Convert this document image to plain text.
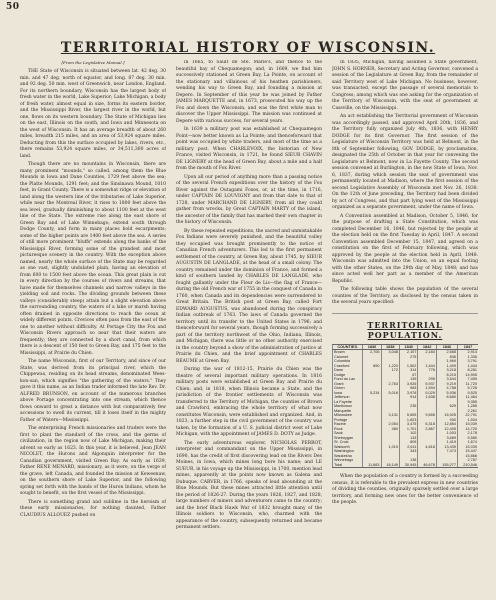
50
TERRITORIAL HISTORY OF WISCONSIN.
[From the Legislative Manual.]

THE State of Wisconsin is situated between lat. 42 deg. 30 min. and 47 deg. north of equator, and long. 87 deg. 30 min. and 92 deg. 50 min. west of Greenwich, near London, England. For its northern boundary, Wisconsin has the largest body of fresh water in the world, Lake Superior; Lake Michigan, a body of fresh water, almost equal in size, forms its eastern border, and the Mississippi River, the largest river in the world, but one, flows on its western boundary. The State of Michigan lies on the east, Illinois on the south, and Iowa and Minnesota on the west of Wisconsin. It has an average breadth of about 260 miles, breadth 215 miles, and an area of 53,924 square miles. Deducting from this the surface occupied by lakes, rivers, etc., there remains 53,924 square miles, or 34,511,360 acres of land.

Though there are no mountains in Wisconsin, there are many prominent "mounds," so called, among them the Blue Mounds in Iowa and Dane Counties, 1729 feet above the sea; the Platte Mounds, 1291 feet; and the Sinsinawa Mound, 1010 feet, in Grant County. There is a somewhat ridge or elevation of land along the western line of the tributaries of Lake Superior, while near the Montreal River, it rises to 1800 feet above the sea level, gradually diminishing to about 1100 feet at the west line of the State. The extreme rise along the east shore of Green Bay and of Lake Winnebago, extend south through Dodge County, and form in many places bold escarpments; some of the higher points are 1400 feet above the sea. A series of still more prominent "bluffs" extends along the banks of the Mississippi River, forming some of the grandest and most picturesque scenery in the country. With the exception above named, nearly the whole surface of the State may be regarded as one vast, slightly undulated plain, having an elevation of from 600 to 1500 feet above the ocean. This great plain is cut in every direction by the courses of rivers and streams, that have made for themselves channels and narrow valleys in the yielding soil and rocks. The dividing grounds between these valleys (considerably steep) attain but a slight elevation above the surrounding country, the waters of a lake or marsh having often drained in opposite directions to reach the ocean at widely different points. Crevices often pass from the east of the one to another without difficulty. At Portage City the Fox and Wisconsin Rivers approach so near that their waters are frequently; they are connected by a short canal, from which there is a descent of 150 feet to Green Bay, and 175 feet to the Mississippi, at Prairie du Chien.

The name Wisconsin, first of our Territory, and since of our State, was derived from its principal river, which the Chippewas, residing on its head streams, denominated Wees-kon-san, which signifies "the gathering of the waters." They gave it this name, as an Indian trader informed the late Rev. Dr. ALFRED BRUNSON, on account of the numerous branches above Portage concentrating into one stream, which thence flows onward to great a distance with but comparatively few accessions to swell its current, till it loses itself in the mighty Father of Waters—Mississippi.

The enterprising French missionaries and traders were the first to plant the standard of the cross, and the germs of civilization, in the region now of Lake Michigan, making their advent so early as 1623. In this year, it is believed, Jean JEAN NICOLET, the Hurons and Algonquin interpreter for the Canadian government, visited Green Bay. As early as 1639, Father RENE MENARD, missionary, as it were, on the verge of the grave, left Canada, and founded the mission at Keweenaw, on the southern shore of Lake Superior, and the following spring set forth with the bands of the Huron Indians, whom he sought to benefit, on the first vessel of the Mississippi.

There is something grand and sublime in the heroism of these early missionaries, for nothing daunted, Father CLAUDIUS ALLOUEZ pushed on

in 1665, to Sault de Ste. Marie's, and thence to the beautiful bay of Chequamegon; and, in 1669, we find him successively stationed at Green Bay, La Pointe, on account of the stationary and villainous of his heathen parishioners, wending his way to Green Bay, and founding a mission at Depere. In September of this year he was joined by Father JAMES MARQUETTE and, in 1673, prosecuted his way up the Fox and down the Wisconsin, and was the first white man to discover the Upper Mississippi. The mission was continued at Depere with various success, for several years.

In 1639 a military post was established at Chequamegon Point—now better known as La Pointe; and thenceforward that point was occupied by white traders, and most of the time as a military post. When CHARLEVOIX, the historian of New France, visited Wisconsin, in 1721, he found SIEUR CHAVIN DE LIGNERY at the head of Green Bay, about a mile and a half from the mouth of Fox River.

Upon all our period of anything more than a passing notice of the several French expeditions over the history of the Fox River against the Outagami Foxes, or, at the time, in 1716, under CAPTAIN DE LOUVIGNY and from that date to that of 1728, under MARCHAND DE LIGNERY, from all they could gather from wrecks, by Great CAPTAIN MARTY of the island, the ancestor of the family that has marked their own chapter in the history of Wisconsin.

By these repeated expeditions, the sacred and unmistakable Fox Indians were severely punished, and the beautiful valley they occupied was brought prominently to the notice of Canadian French adventurers. This led to the first permanent settlement of the country, at Green Bay, about 1745, by SIEUR AUGUSTIN DE LANGLADE, at the head of a small colony. The country remained under the dominion of France, and formed a kind of southern landed by CHARLES DE LANGLADE, who fought gallantly under the Fleur de Lis—the flag of France—during the old French war of 1755 in the conquest of Canada in 1760, when Canada and its dependencies were surrendered to Great Britain. The British post at Green Bay, called Fort EDWARD AUGUSTUS, was abandoned during the conspiracy Indian outbreak of 1763. The laws of Canada governed the territory until its transfer to the United States in 1796; and thenceforward for several years, though forming successively a part of the territory northwest of the Ohio, Indiana, Illinois, and Michigan, there was little or no other authority exercised in the country beyond a show of the administration of justice at Prairie du Chien, and the brief appointment of CHARLES REAUME at Green Bay.

During the war of 1812-15, Prairie du Chien was the theatre of several important military operations. In 1816 military posts were established at Green Bay and Prairie du Chien; and, in 1818, when Illinois became a State, and the jurisdiction of the frontier settlements of Wisconsin was transferred to the Territory of Michigan, the counties of Brown and Crawford, embracing the whole territory of what now constitutes Wisconsin, were established and organized. And, in 1823, a further step in the civil government of the country was taken, by the formation of a U. S. judicial district west of Lake Michigan, with the appointment of JAMES D. DOTY as Judge.

The early adventurous explorer, NICHOLAS PERROT, interpreter and commandant on the Upper Mississippi, in 1690, has the credit of first discovering lead on the Rivers Des Moines, in Iowa, which mines long bore his name; and LE SUEUR, in his voyage up the Mississippi, in 1700, mention lead mines, apparently at the points now known as Galena and Dubuque. CARVER, in 1766, speaks of lead abounding at the Blue Mounds. But these mines attracted little attention until the period of 1826-27. During the years 1826, 1827, and 1828, large numbers of miners and adventurers came to the country; and the brief Black Hawk War of 1832 brought many of the Illinois soldiers to Wisconsin, who, charmed with the appearance of the country, subsequently returned and became permanent settlers.

In 1835, Michigan, having assumed a State government, JOHN S. HORNER, Secretary and Acting Governor, convened a session of the Legislature at Green Bay, from the remainder of said Territory west of Lake Michigan. No business, however, was transacted, except the passage of several memorials to Congress; among which was one asking for the organization of the Territory of Wisconsin, with the seat of government at Cassville, on the Mississippi.

An act establishing the Territorial government of Wisconsin was accordingly passed, and approved April 20th, 1836, and the Territory fully organized July 4th, 1836, with HENRY DODGE for its first Governor. The first session of the Legislature of Wisconsin Territory was held at Belmont, in the 8th of September following, GOV. DODGE, by proclamation, designated the 25th of October in that year for convening the Legislature at Belmont, now in La Fayette County. The second session convened at Burlington, in the now State of Iowa, Nov. 6, 1837, during which session the seat of government was permanently located at Madison, where the first session of the second Legislative Assembly of Wisconsin met Nov. 26, 1838. On the 12th of June preceding, the Territory had been divided by act of Congress, and that part lying west of the Mississippi organized as a separate government, under the name of Iowa.

A Convention assembled at Madison, October 5, 1846, for the purpose of drafting a State Constitution, which was completed December 16, 1846, but rejected by the people at the election held on the first Tuesday in April, 1847. A second Convention assembled December 15, 1847, and agreed on a constitution on the first of February following, which was approved by the people at the election held in April, 1848. Wisconsin was admitted into the Union, on an equal footing with the other States, on the 29th day of May, 1848; and has since acted well her part as a member of the American Republic.

The following table shows the population of the several counties of the Territory, as disclosed by the census taken in the several years specified:

TERRITORIAL POPULATION.
COUNTIES.	1836	1838	1840	1842	1846	1847
Brown	2,706	3,048	2,107	2,184	2,568	2,914
Calumet			275		836	1,336
Columbia					1,969	3,791
Crawford	850	1,220	1,502	1,444	1,409	1,444
Dane		172	314	776	3,218	8,281
Dodge			67		8,215	14,905
Fond du Lac			139	295	3,544	7,459
Grant		2,763	3,926	5,937	9,219	11,720
Green			983	1,594	4,758	5,726
Iowa	5,234	5,016	3,978	5,029	5,936	9,525
Jefferson			914	1,638	8,680	11,464
La Fayette						9,355
Manitowoc			235		629	1,285
Marquette						2,261
Milwaukee		3,131	5,605	9,655	15,925	22,791
Portage			1,623		930	1,504
Racine		2,054	3,475	6,318	12,854	15,039
Rock		480	1,701	2,867	12,405	14,720
Sauk			102		1,003	2,178
Sheboygan			133		3,689	5,580
St. Croix			809		1,419	1,674
Walworth		1,019	2,611	4,618	13,439	15,039
Washington			343		7,473	15,447
Waukesha						15,866
Winnebago			135			2,787
Total	11,683	18,149	30,945	46,678	155,277	210,546

When the population of a country is formed by a succeeding census, it is referable to the prevalent express in new countries of dividing the counties, originally sparsely settled over a large territory, and forming new ones for the better convenience of the people.
